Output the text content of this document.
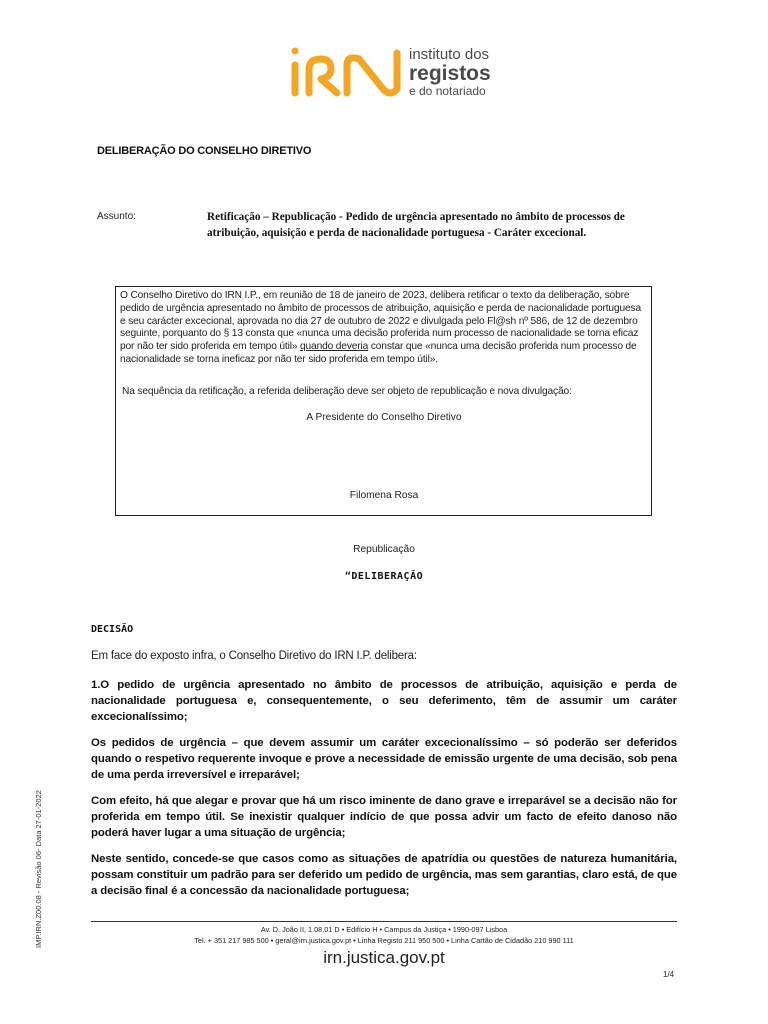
instituto dos
registos
e do notariado
DELIBERAÇÃO DO CONSELHO DIRETIVO
Assunto:	Retificação – Republicação - Pedido de urgência apresentado no âmbito de processos de atribuição, aquisição e perda de nacionalidade portuguesa - Caráter excecional.
O Conselho Diretivo do IRN I.P., em reunião de 18 de janeiro de 2023, delibera retificar o texto da deliberação, sobre pedido de urgência apresentado no âmbito de processos de atribuição, aquisição e perda de nacionalidade portuguesa e seu carácter excecional, aprovada no dia 27 de outubro de 2022 e divulgada pelo Fl@sh nº 586, de 12 de dezembro seguinte, porquanto do § 13 consta que «nunca uma decisão proferida num processo de nacionalidade se torna eficaz por não ter sido proferida em tempo útil» quando deveria constar que «nunca uma decisão proferida num processo de nacionalidade se torna ineficaz por não ter sido proferida em tempo útil».
Na sequência da retificação, a referida deliberação deve ser objeto de republicação e nova divulgação:
A Presidente do Conselho Diretivo
Filomena Rosa
Republicação
“DELIBERAÇÃO
DECISÃO
Em face do exposto infra, o Conselho Diretivo do IRN I.P. delibera:
1.O pedido de urgência apresentado no âmbito de processos de atribuição, aquisição e perda de nacionalidade portuguesa e, consequentemente, o seu deferimento, têm de assumir um caráter excecionalíssimo;
Os pedidos de urgência – que devem assumir um caráter excecionalíssimo – só poderão ser deferidos quando o respetivo requerente invoque e prove a necessidade de emissão urgente de uma decisão, sob pena de uma perda irreversível e irreparável;
Com efeito, há que alegar e provar que há um risco iminente de dano grave e irreparável se a decisão não for proferida em tempo útil. Se inexistir qualquer indício de que possa advir um facto de efeito danoso não poderá haver lugar a uma situação de urgência;
Neste sentido, concede-se que casos como as situações de apatrídia ou questões de natureza humanitária, possam constituir um padrão para ser deferido um pedido de urgência, mas sem garantias, claro está, de que a decisão final é a concessão da nacionalidade portuguesa;
Av. D. João II, 1.08.01 D • Edifício H • Campus da Justiça • 1990-097 Lisboa
Tel. + 351 217 985 500 • geral@irn.justica.gov.pt • Linha Registo 211 950 500 • Linha Cartão de Cidadão 210 990 111
irn.justica.gov.pt
1/4
IMP.IRN.Z00.08 - Revisão 06- Data 27-01-2022
